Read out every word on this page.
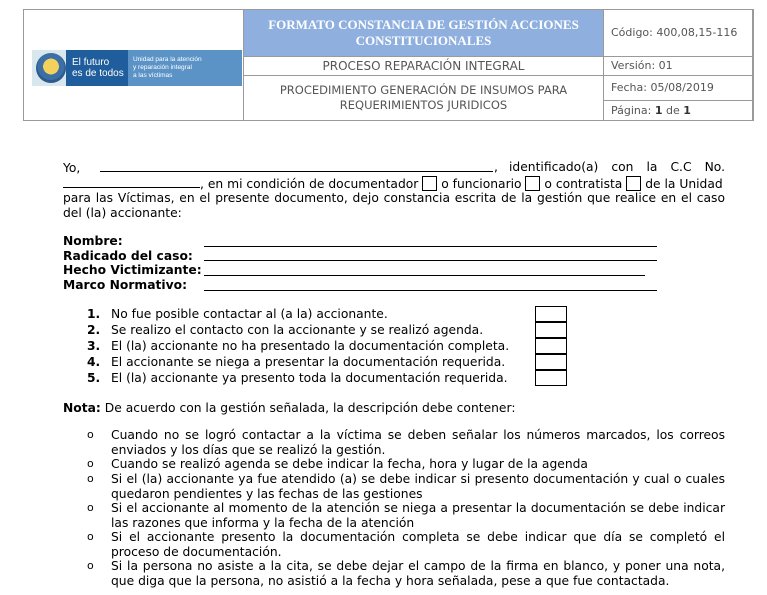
El futuro
es de todos
Unidad para la atención
y reparación integral
a las víctimas
FORMATO CONSTANCIA DE GESTIÓN ACCIONES CONSTITUCIONALES
PROCESO REPARACIÓN INTEGRAL
PROCEDIMIENTO GENERACIÓN DE INSUMOS PARA REQUERIMIENTOS JURIDICOS
Código: 400,08,15-116
Versión: 01
Fecha: 05/08/2019
Página: 1 de 1
Yo,	, identificado(a) con la C.C No.
, en mi condición de documentador o funcionario o contratista de la Unidad
para las Víctimas, en el presente documento, dejo constancia escrita de la gestión que realice en el caso del (la) accionante:
Nombre:
Radicado del caso:
Hecho Victimizante:
Marco Normativo:
1. No fue posible contactar al (a la) accionante.
2. Se realizo el contacto con la accionante y se realizó agenda.
3. El (la) accionante no ha presentado la documentación completa.
4. El accionante se niega a presentar la documentación requerida.
5. El (la) accionante ya presento toda la documentación requerida.
Nota: De acuerdo con la gestión señalada, la descripción debe contener:
o Cuando no se logró contactar a la víctima se deben señalar los números marcados, los correos enviados y los días que se realizó la gestión.
o Cuando se realizó agenda se debe indicar la fecha, hora y lugar de la agenda
o Si el (la) accionante ya fue atendido (a) se debe indicar si presento documentación y cual o cuales quedaron pendientes y las fechas de las gestiones
o Si el accionante al momento de la atención se niega a presentar la documentación se debe indicar las razones que informa y la fecha de la atención
o Si el accionante presento la documentación completa se debe indicar que día se completó el proceso de documentación.
o Si la persona no asiste a la cita, se debe dejar el campo de la firma en blanco, y poner una nota, que diga que la persona, no asistió a la fecha y hora señalada, pese a que fue contactada.
